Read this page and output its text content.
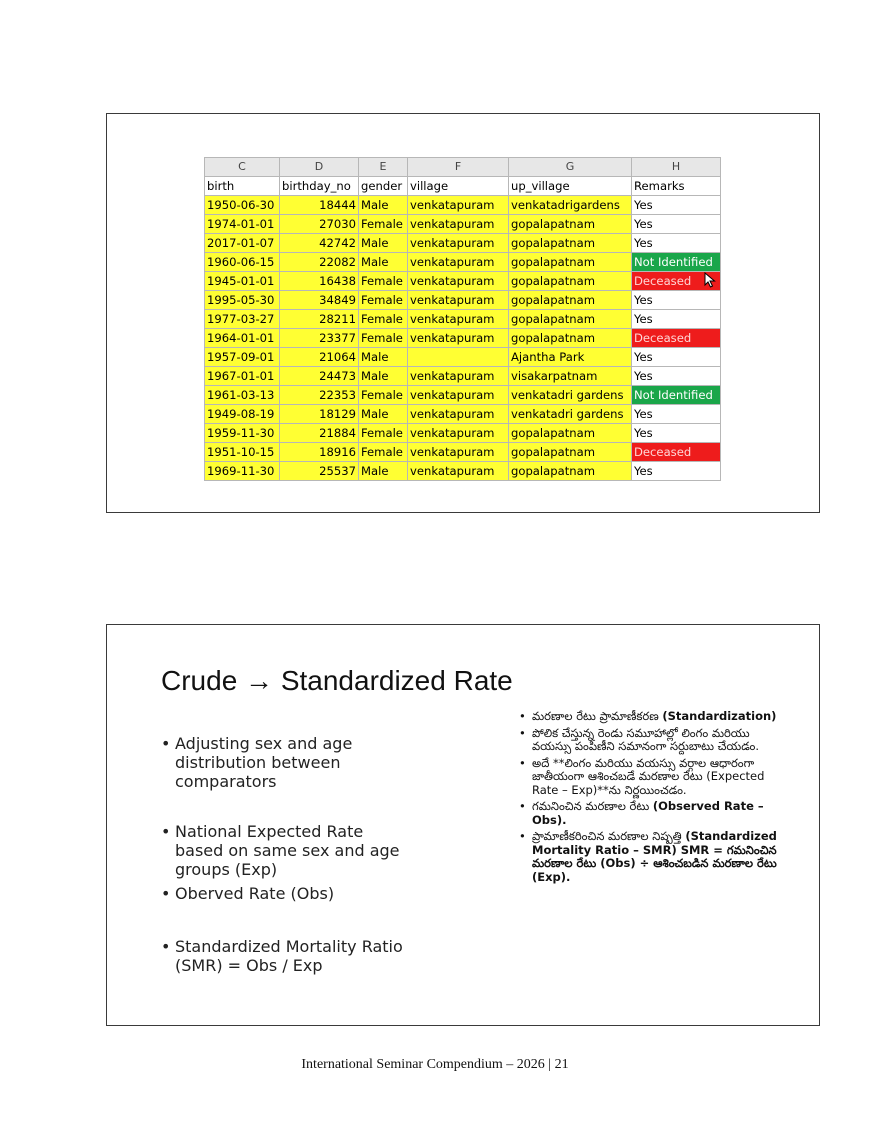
C	D	E	F	G	H
birth	birthday_no	gender	village	up_village	Remarks
1950-06-30	18444	Male	venkatapuram	venkatadrigardens	Yes
1974-01-01	27030	Female	venkatapuram	gopalapatnam	Yes
2017-01-07	42742	Male	venkatapuram	gopalapatnam	Yes
1960-06-15	22082	Male	venkatapuram	gopalapatnam	Not Identified
1945-01-01	16438	Female	venkatapuram	gopalapatnam	Deceased
1995-05-30	34849	Female	venkatapuram	gopalapatnam	Yes
1977-03-27	28211	Female	venkatapuram	gopalapatnam	Yes
1964-01-01	23377	Female	venkatapuram	gopalapatnam	Deceased
1957-09-01	21064	Male		Ajantha Park	Yes
1967-01-01	24473	Male	venkatapuram	visakarpatnam	Yes
1961-03-13	22353	Female	venkatapuram	venkatadri gardens	Not Identified
1949-08-19	18129	Male	venkatapuram	venkatadri gardens	Yes
1959-11-30	21884	Female	venkatapuram	gopalapatnam	Yes
1951-10-15	18916	Female	venkatapuram	gopalapatnam	Deceased
1969-11-30	25537	Male	venkatapuram	gopalapatnam	Yes
Crude → Standardized Rate
• Adjusting sex and age distribution between comparators
• National Expected Rate based on same sex and age groups (Exp)
• Oberved Rate (Obs)
• Standardized Mortality Ratio (SMR) = Obs / Exp
• మరణాల రేటు ప్రామాణీకరణ (Standardization)
• పోలిక చేస్తున్న రెండు సమూహాల్లో లింగం మరియు వయస్సు పంపిణీని సమానంగా సర్దుబాటు చేయడం.
• అదే **లింగం మరియు వయస్సు వర్గాల ఆధారంగా జాతీయంగా ఆశించబడే మరణాల రేటు (Expected Rate – Exp)**ను నిర్ణయించడం.
• గమనించిన మరణాల రేటు (Observed Rate – Obs).
• ప్రామాణీకరించిన మరణాల నిష్పత్తి (Standardized Mortality Ratio – SMR) SMR = గమనించిన మరణాల రేటు (Obs) ÷ ఆశించబడిన మరణాల రేటు (Exp).
International Seminar Compendium – 2026 | 21
